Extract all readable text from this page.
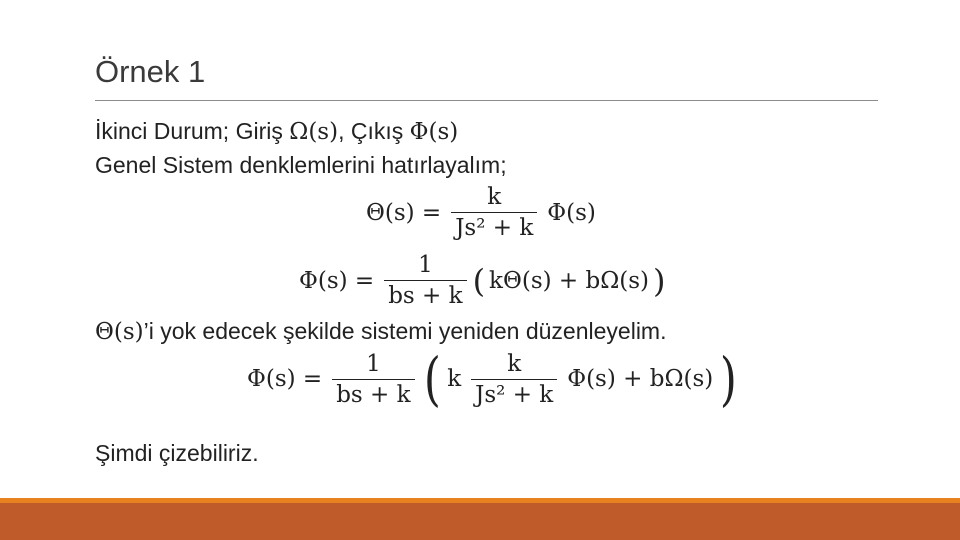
Örnek 1
İkinci Durum; Giriş Ω(s), Çıkış Φ(s)
Genel Sistem denklemlerini hatırlayalım;
$\Theta(s) = \frac{k}{\text{Js² + k}} \Phi(s)$
$\Phi(s) = \frac{1}{bs + k}$ ( kΘ(s) + bΩ(s) )
Θ(s)’i yok edecek şekilde sistemi yeniden düzenleyelim.
$\Phi(s) = \frac{1}{bs + k}$ ( k $\frac{k}{\text{Js² + k}} \Phi(s) + b\Omega(s)$ )
Şimdi çizebiliriz.
